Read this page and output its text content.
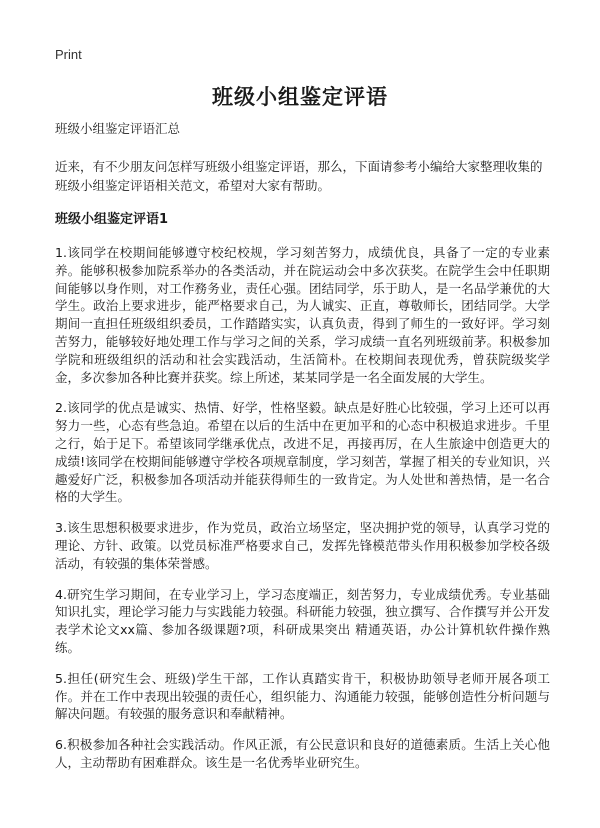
Print
班级小组鉴定评语

班级小组鉴定评语汇总

近来，有不少朋友问怎样写班级小组鉴定评语，那么，下面请参考小编给大家整理收集的班级小组鉴定评语相关范文，希望对大家有帮助。

班级小组鉴定评语1

1.该同学在校期间能够遵守校纪校规，学习刻苦努力，成绩优良，具备了一定的专业素养。能够积极参加院系举办的各类活动，并在院运动会中多次获奖。在院学生会中任职期间能够以身作则，对工作務务业，责任心强。团结同学，乐于助人，是一名品学兼优的大学生。政治上要求进步，能严格要求自己，为人诚实、正直，尊敬师长，团结同学。大学期间一直担任班级组织委员，工作踏踏实实，认真负责，得到了师生的一致好评。学习刻苦努力，能够较好地处理工作与学习之间的关系，学习成绩一直名列班级前茅。积极参加学院和班级组织的活动和社会实践活动，生活简朴。在校期间表现优秀，曾获院级奖学金，多次参加各种比赛并获奖。综上所述，某某同学是一名全面发展的大学生。

2.该同学的优点是诚实、热情、好学，性格坚毅。缺点是好胜心比较强，学习上还可以再努力一些，心态有些急迫。希望在以后的生活中在更加平和的心态中积极追求进步。千里之行，始于足下。希望该同学继承优点，改进不足，再接再厉，在人生旅途中创造更大的成绩!该同学在校期间能够遵守学校各项规章制度，学习刻苦，掌握了相关的专业知识，兴趣爱好广泛，积极参加各项活动并能获得师生的一致肯定。为人处世和善热情，是一名合格的大学生。

3.该生思想积极要求进步，作为党员，政治立场坚定，坚决拥护党的领导，认真学习党的理论、方针、政策。以党员标准严格要求自己，发挥先锋模范带头作用积极参加学校各级活动，有较强的集体荣誉感。

4.研究生学习期间，在专业学习上，学习态度端正，刻苦努力，专业成绩优秀。专业基础知识扎实，理论学习能力与实践能力较强。科研能力较强，独立撰写、合作撰写并公开发表学术论文xx篇、参加各级课题?项，科研成果突出 精通英语，办公计算机软件操作熟练。

5.担任(研究生会、班级)学生干部，工作认真踏实肯干，积极协助领导老师开展各项工作。并在工作中表现出较强的责任心，组织能力、沟通能力较强，能够创造性分析问题与解决问题。有较强的服务意识和奉献精神。

6.积极参加各种社会实践活动。作风正派，有公民意识和良好的道德素质。生活上关心他人，主动帮助有困难群众。该生是一名优秀毕业研究生。
